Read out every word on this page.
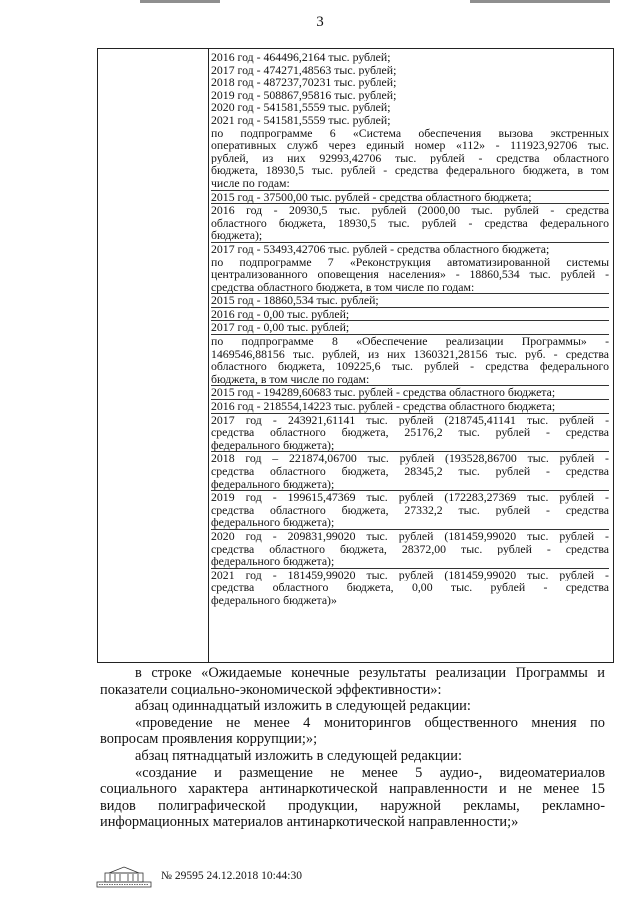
3
2016 год - 464496,2164 тыс. рублей;
2017 год - 474271,48563 тыс. рублей;
2018 год - 487237,70231 тыс. рублей;
2019 год - 508867,95816 тыс. рублей;
2020 год - 541581,5559 тыс. рублей;
2021 год - 541581,5559 тыс. рублей;
по подпрограмме 6 «Система обеспечения вызова экстренных
оперативных служб через единый номер «112» - 111923,92706 тыс.
рублей, из них 92993,42706 тыс. рублей - средства областного
бюджета, 18930,5 тыс. рублей - средства федерального бюджета, в том
числе по годам:
2015 год - 37500,00 тыс. рублей - средства областного бюджета;
2016 год - 20930,5 тыс. рублей (2000,00 тыс. рублей - средства
областного бюджета, 18930,5 тыс. рублей - средства федерального
бюджета);
2017 год - 53493,42706 тыс. рублей - средства областного бюджета;
по подпрограмме 7 «Реконструкция автоматизированной системы
централизованного оповещения населения» - 18860,534 тыс. рублей -
средства областного бюджета, в том числе по годам:
2015 год - 18860,534 тыс. рублей;
2016 год - 0,00 тыс. рублей;
2017 год - 0,00 тыс. рублей;
по подпрограмме 8 «Обеспечение реализации Программы» -
1469546,88156 тыс. рублей, из них 1360321,28156 тыс. руб. - средства
областного бюджета, 109225,6 тыс. рублей - средства федерального
бюджета, в том числе по годам:
2015 год - 194289,60683 тыс. рублей - средства областного бюджета;
2016 год - 218554,14223 тыс. рублей - средства областного бюджета;
2017 год - 243921,61141 тыс. рублей (218745,41141 тыс. рублей -
средства областного бюджета, 25176,2 тыс. рублей - средства
федерального бюджета);
2018 год – 221874,06700 тыс. рублей (193528,86700 тыс. рублей -
средства областного бюджета, 28345,2 тыс. рублей - средства
федерального бюджета);
2019 год - 199615,47369 тыс. рублей (172283,27369 тыс. рублей -
средства областного бюджета, 27332,2 тыс. рублей - средства
федерального бюджета);
2020 год - 209831,99020 тыс. рублей (181459,99020 тыс. рублей -
средства областного бюджета, 28372,00 тыс. рублей - средства
федерального бюджета);
2021 год - 181459,99020 тыс. рублей (181459,99020 тыс. рублей -
средства областного бюджета, 0,00 тыс. рублей - средства
федерального бюджета)»
в строке «Ожидаемые конечные результаты реализации Программы и
показатели социально-экономической эффективности»:
абзац одиннадцатый изложить в следующей редакции:
«проведение не менее 4 мониторингов общественного мнения по
вопросам проявления коррупции;»;
абзац пятнадцатый изложить в следующей редакции:
«создание и размещение не менее 5 аудио-, видеоматериалов
социального характера антинаркотической направленности и не менее 15
видов полиграфической продукции, наружной рекламы, рекламно-
информационных материалов антинаркотической направленности;»
№ 29595 24.12.2018 10:44:30
